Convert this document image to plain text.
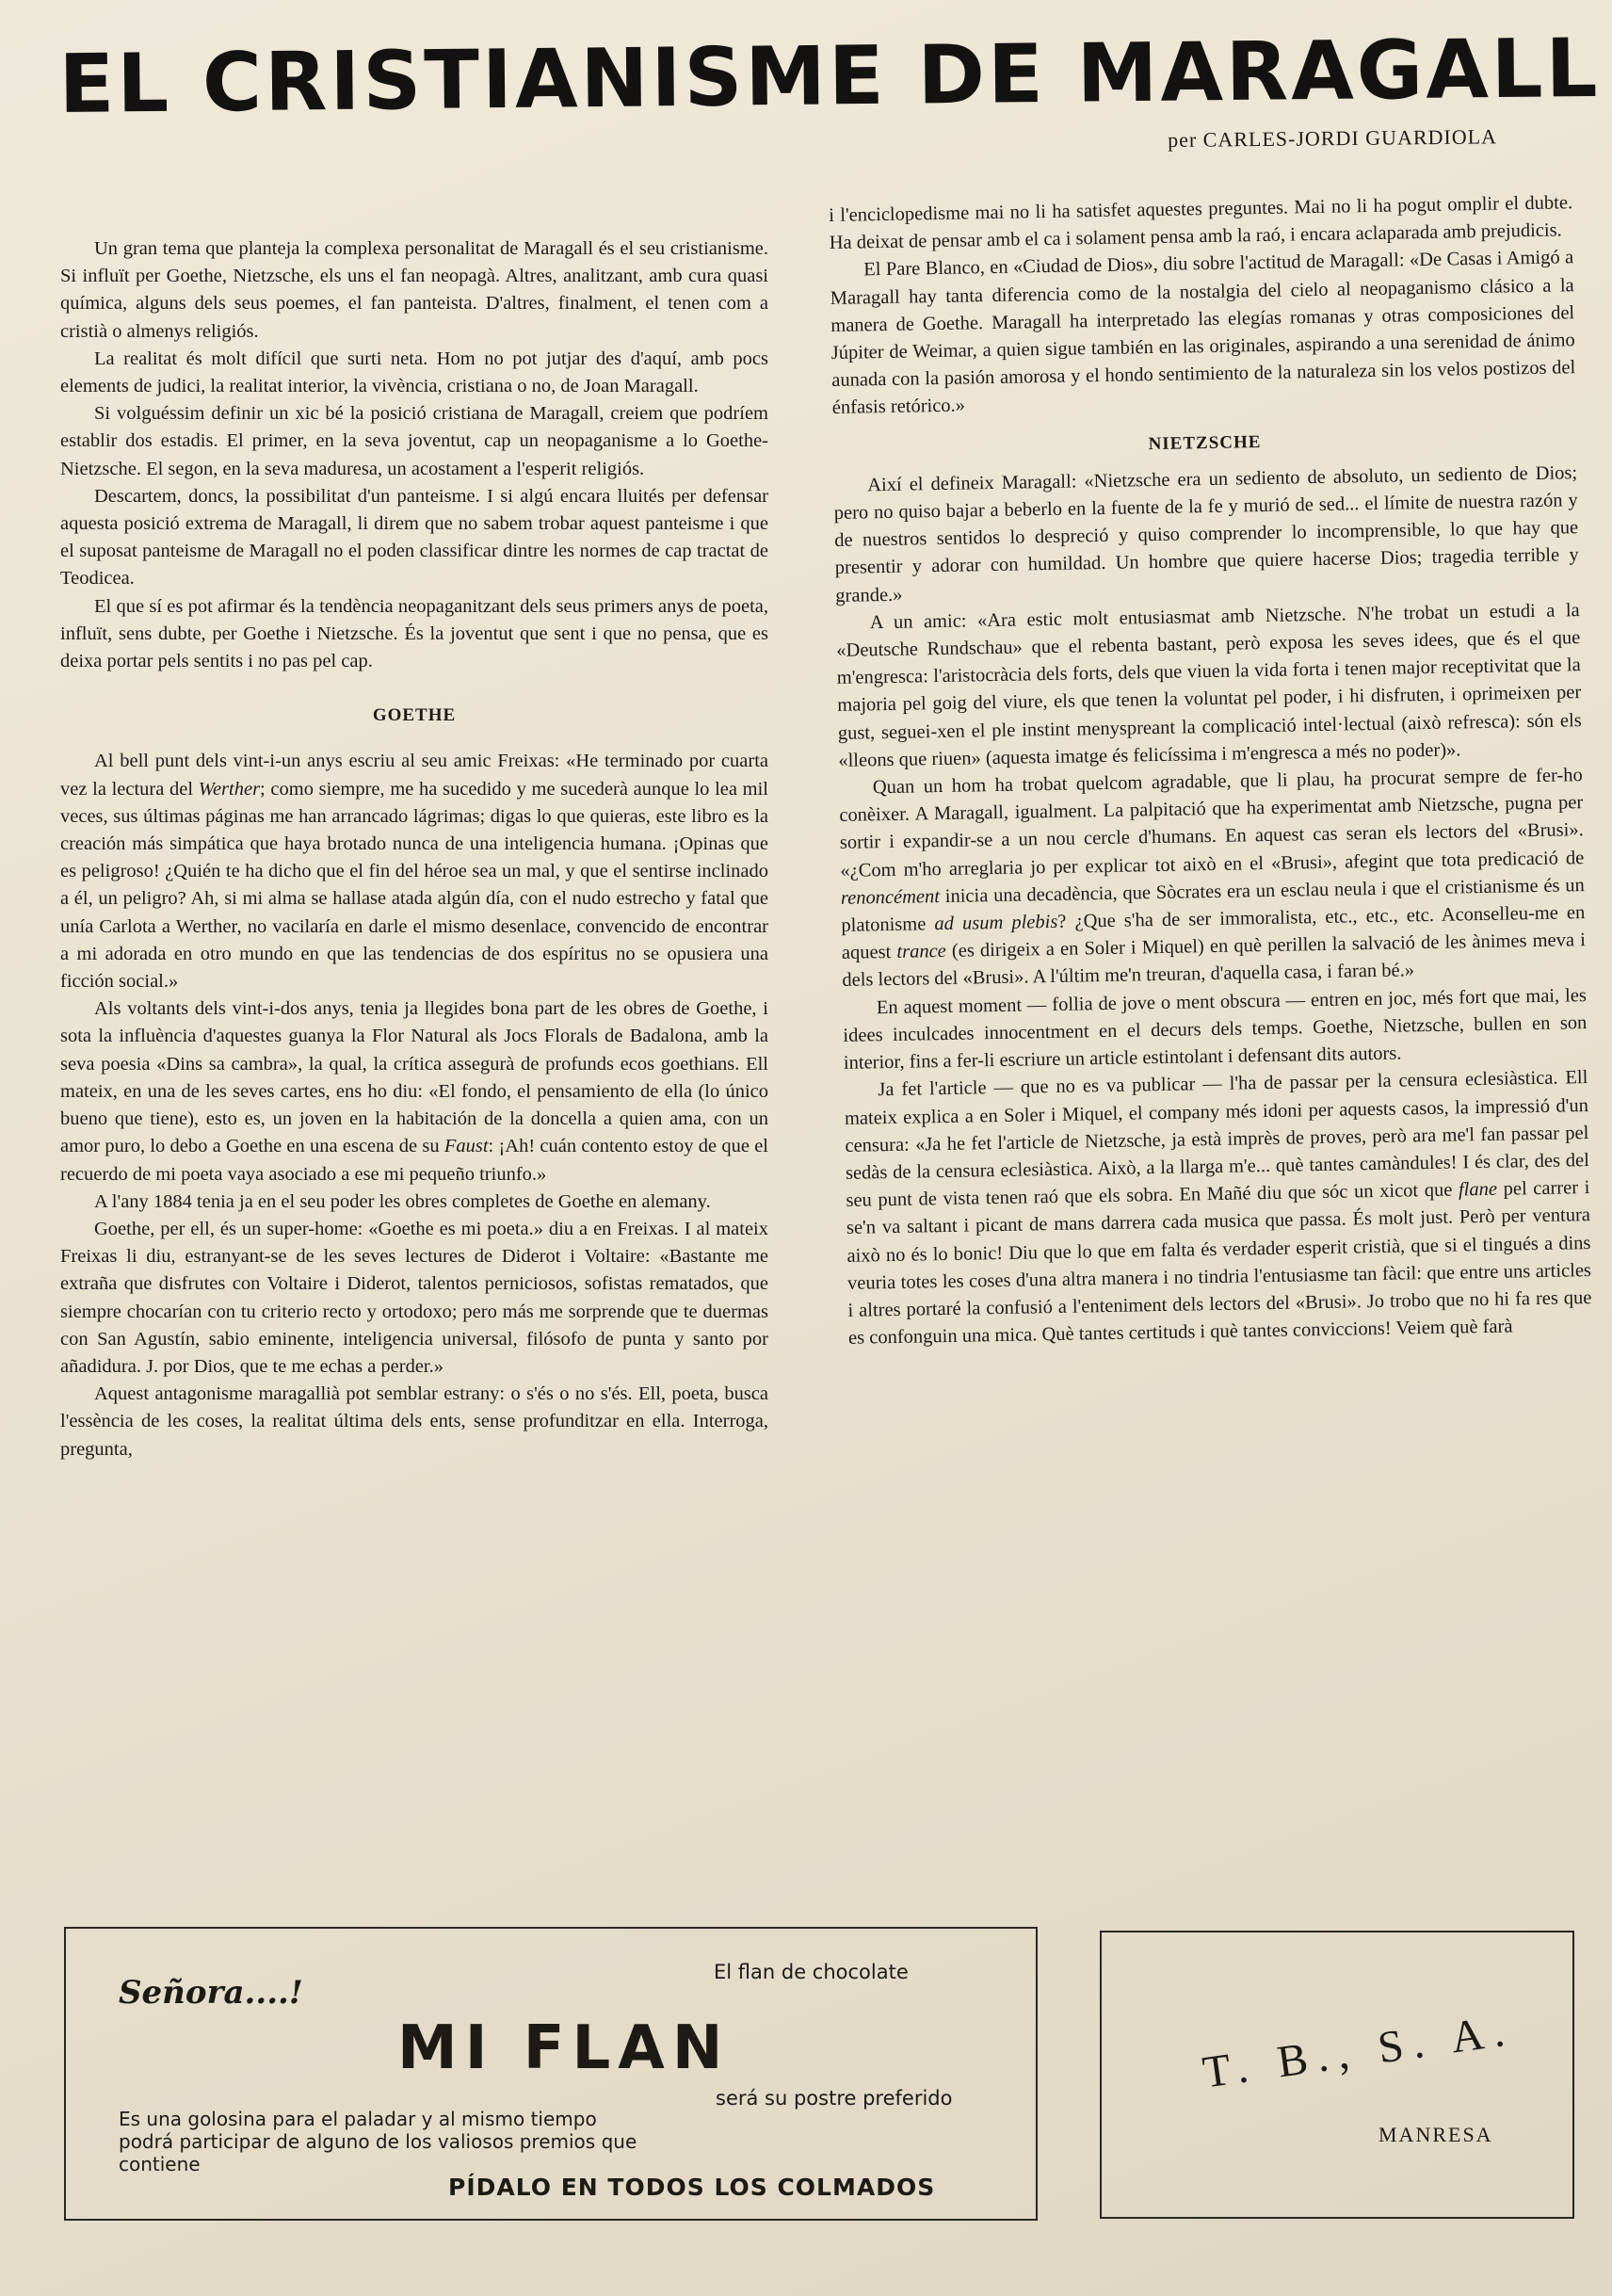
EL CRISTIANISME DE MARAGALL
per CARLES-JORDI GUARDIOLA

Un gran tema que planteja la complexa personalitat de Maragall és el seu cristianisme. Si influït per Goethe, Nietzsche, els uns el fan neopagà. Altres, analitzant, amb cura quasi química, alguns dels seus poemes, el fan panteista. D'altres, finalment, el tenen com a cristià o almenys religiós.

La realitat és molt difícil que surti neta. Hom no pot jutjar des d'aquí, amb pocs elements de judici, la realitat interior, la vivència, cristiana o no, de Joan Maragall.

Si volguéssim definir un xic bé la posició cristiana de Maragall, creiem que podríem establir dos estadis. El primer, en la seva joventut, cap un neopaganisme a lo Goethe-Nietzsche. El segon, en la seva maduresa, un acostament a l'esperit religiós.

Descartem, doncs, la possibilitat d'un panteisme. I si algú encara lluités per defensar aquesta posició extrema de Maragall, li direm que no sabem trobar aquest panteisme i que el suposat panteisme de Maragall no el poden classificar dintre les normes de cap tractat de Teodicea.

El que sí es pot afirmar és la tendència neopaganitzant dels seus primers anys de poeta, influït, sens dubte, per Goethe i Nietzsche. És la joventut que sent i que no pensa, que es deixa portar pels sentits i no pas pel cap.

GOETHE

Al bell punt dels vint-i-un anys escriu al seu amic Freixas: «He terminado por cuarta vez la lectura del Werther; como siempre, me ha sucedido y me sucederà aunque lo lea mil veces, sus últimas páginas me han arrancado lágrimas; digas lo que quieras, este libro es la creación más simpática que haya brotado nunca de una inteligencia humana. ¡Opinas que es peligroso! ¿Quién te ha dicho que el fin del héroe sea un mal, y que el sentirse inclinado a él, un peligro? Ah, si mi alma se hallase atada algún día, con el nudo estrecho y fatal que unía Carlota a Werther, no vacilaría en darle el mismo desenlace, convencido de encontrar a mi adorada en otro mundo en que las tendencias de dos espíritus no se opusiera una ficción social.»

Als voltants dels vint-i-dos anys, tenia ja llegides bona part de les obres de Goethe, i sota la influència d'aquestes guanya la Flor Natural als Jocs Florals de Badalona, amb la seva poesia «Dins sa cambra», la qual, la crítica assegurà de profunds ecos goethians. Ell mateix, en una de les seves cartes, ens ho diu: «El fondo, el pensamiento de ella (lo único bueno que tiene), esto es, un joven en la habitación de la doncella a quien ama, con un amor puro, lo debo a Goethe en una escena de su Faust: ¡Ah! cuán contento estoy de que el recuerdo de mi poeta vaya asociado a ese mi pequeño triunfo.»

A l'any 1884 tenia ja en el seu poder les obres completes de Goethe en alemany.

Goethe, per ell, és un super-home: «Goethe es mi poeta.» diu a en Freixas. I al mateix Freixas li diu, estranyant-se de les seves lectures de Diderot i Voltaire: «Bastante me extraña que disfrutes con Voltaire i Diderot, talentos perniciosos, sofistas rematados, que siempre chocarían con tu criterio recto y ortodoxo; pero más me sorprende que te duermas con San Agustín, sabio eminente, inteligencia universal, filósofo de punta y santo por añadidura. J. por Dios, que te me echas a perder.»

Aquest antagonisme maragallià pot semblar estrany: o s'és o no s'és. Ell, poeta, busca l'essència de les coses, la realitat última dels ents, sense profunditzar en ella. Interroga, pregunta,

i l'enciclopedisme mai no li ha satisfet aquestes preguntes. Mai no li ha pogut omplir el dubte. Ha deixat de pensar amb el ca i solament pensa amb la raó, i encara aclaparada amb prejudicis.

El Pare Blanco, en «Ciudad de Dios», diu sobre l'actitud de Maragall: «De Casas i Amigó a Maragall hay tanta diferencia como de la nostalgia del cielo al neopaganismo clásico a la manera de Goethe. Maragall ha interpretado las elegías romanas y otras composiciones del Júpiter de Weimar, a quien sigue también en las originales, aspirando a una serenidad de ánimo aunada con la pasión amorosa y el hondo sentimiento de la naturaleza sin los velos postizos del énfasis retórico.»

NIETZSCHE

Així el defineix Maragall: «Nietzsche era un sediento de absoluto, un sediento de Dios; pero no quiso bajar a beberlo en la fuente de la fe y murió de sed... el límite de nuestra razón y de nuestros sentidos lo despreció y quiso comprender lo incomprensible, lo que hay que presentir y adorar con humildad. Un hombre que quiere hacerse Dios; tragedia terrible y grande.»

A un amic: «Ara estic molt entusiasmat amb Nietzsche. N'he trobat un estudi a la «Deutsche Rundschau» que el rebenta bastant, però exposa les seves idees, que és el que m'engresca: l'aristocràcia dels forts, dels que viuen la vida forta i tenen major receptivitat que la majoria pel goig del viure, els que tenen la voluntat pel poder, i hi disfruten, i oprimeixen per gust, seguei-xen el ple instint menyspreant la complicació intel·lectual (això refresca): són els «lleons que riuen» (aquesta imatge és felicíssima i m'engresca a més no poder)».

Quan un hom ha trobat quelcom agradable, que li plau, ha procurat sempre de fer-ho conèixer. A Maragall, igualment. La palpitació que ha experimentat amb Nietzsche, pugna per sortir i expandir-se a un nou cercle d'humans. En aquest cas seran els lectors del «Brusi». «¿Com m'ho arreglaria jo per explicar tot això en el «Brusi», afegint que tota predicació de renoncément inicia una decadència, que Sòcrates era un esclau neula i que el cristianisme és un platonisme ad usum plebis? ¿Que s'ha de ser immoralista, etc., etc., etc. Aconselleu-me en aquest trance (es dirigeix a en Soler i Miquel) en què perillen la salvació de les ànimes meva i dels lectors del «Brusi». A l'últim me'n treuran, d'aquella casa, i faran bé.»

En aquest moment — follia de jove o ment obscura — entren en joc, més fort que mai, les idees inculcades innocentment en el decurs dels temps. Goethe, Nietzsche, bullen en son interior, fins a fer-li escriure un article estintolant i defensant dits autors.

Ja fet l'article — que no es va publicar — l'ha de passar per la censura eclesiàstica. Ell mateix explica a en Soler i Miquel, el company més idoni per aquests casos, la impressió d'un censura: «Ja he fet l'article de Nietzsche, ja està imprès de proves, però ara me'l fan passar pel sedàs de la censura eclesiàstica. Això, a la llarga m'e... què tantes camàndules! I és clar, des del seu punt de vista tenen raó que els sobra. En Mañé diu que sóc un xicot que flane pel carrer i se'n va saltant i picant de mans darrera cada musica que passa. És molt just. Però per ventura això no és lo bonic! Diu que lo que em falta és verdader esperit cristià, que si el tingués a dins veuria totes les coses d'una altra manera i no tindria l'entusiasme tan fàcil: que entre uns articles i altres portaré la confusió a l'enteniment dels lectors del «Brusi». Jo trobo que no hi fa res que es confonguin una mica. Què tantes certituds i què tantes conviccions! Veiem què farà

Señora....!
El flan de chocolate
MI FLAN
será su postre preferido
Es una golosina para el paladar y al mismo tiempo podrá participar de alguno de los valiosos premios que contiene
PÍDALO EN TODOS LOS COLMADOS
T. B., S. A.
MANRESA
